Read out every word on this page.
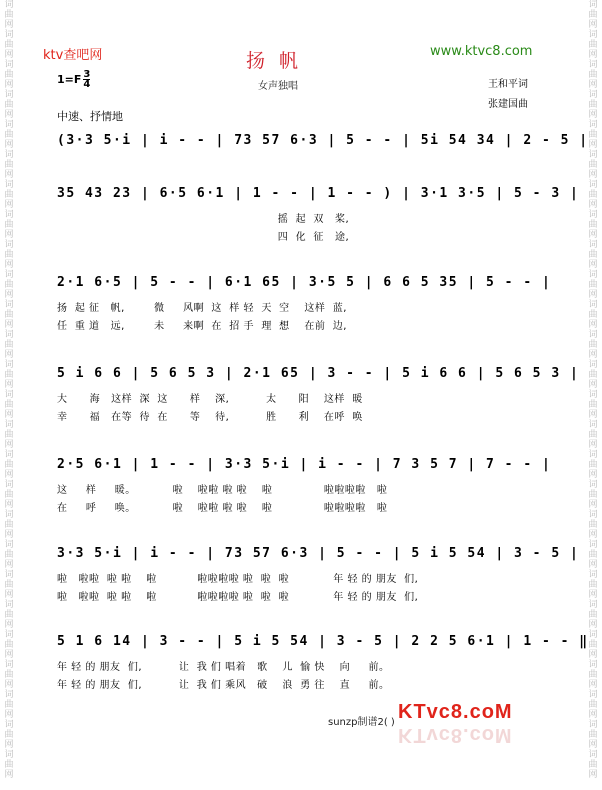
词
曲
网
词
曲
网
词
曲
网
词
曲
网
词
曲
网
词
曲
网
词
曲
网
词
曲
网
词
曲
网
词
曲
网
词
曲
网
词
曲
网
词
曲
网
词
曲
网
词
曲
网
词
曲
网
词
曲
网
词
曲
网
词
曲
网
词
曲
网
词
曲
网
词
曲
网
词
曲
网
词
曲
网
词
曲
网
词
曲
网
词
曲
网
词
曲
网
词
曲
网
词
曲
网
词
曲
网
词
曲
网
词
曲
网
词
曲
网
词
曲
网
词
曲
网
词
曲
网
词
曲
网
词
曲
网
词
曲
网
词
曲
网
词
曲
网
词
曲
网
词
曲
网
词
曲
网
词
曲
网
词
曲
网
词
曲
网
词
曲
网
词
曲
网
词
曲
网
词
曲
网
ktv查吧网	扬帆	www.ktvc8.com
$1=F \frac{3}{4}$	女声独唱	王和平词
张建国曲
中速、抒情地
(3·3 5·i | i - - | 73 57 6·3 | 5 - - | 5i 54 34 | 2 - 5 |
35 43 23 | 6·5 6·1 | 1 - - | 1 - - ) | 3·1 3·5 | 5 - 3 |
摇  起  双   桨,
四  化  征   途,
2·1 6·5 | 5 - - | 6·1 65 | 3·5 5 | 6 6 5 35 | 5 - - |
扬  起 征   帆,        微     风啊  这  样 轻  天  空    这样  蓝,
任  重 道   远,        未     来啊  在  招 手  理  想    在前  边,
5 i 6 6 | 5 6 5 3 | 2·1 65 | 3 - - | 5 i 6 6 | 5 6 5 3 |
大      海   这样  深  这      样    深,          太      阳    这样  暖
幸      福   在等  待  在      等    待,          胜      利    在呼  唤
2·5 6·1 | 1 - - | 3·3 5·i | i - - | 7 3 5 7 | 7 - - |
这     样     暖。          啦    啦啦 啦 啦    啦              啦啦啦啦   啦
在     呼     唤。          啦    啦啦 啦 啦    啦              啦啦啦啦   啦
3·3 5·i | i - - | 73 57 6·3 | 5 - - | 5 i 5 54 | 3 - 5 |
啦   啦啦  啦 啦    啦           啦啦啦啦 啦  啦  啦            年 轻 的 朋友  们,
啦   啦啦  啦 啦    啦           啦啦啦啦 啦  啦  啦            年 轻 的 朋友  们,
5 1 6 14 | 3 - - | 5 i 5 54 | 3 - 5 | 2 2 5 6·1 | 1 - - ‖
年 轻 的 朋友  们,          让  我 们 唱着   歌    儿  愉 快    向     前。
年 轻 的 朋友  们,          让  我 们 乘风   破    浪  勇 往    直     前。
sunzp制谱2( ) KTvc8.coM
KTvc8.coM
